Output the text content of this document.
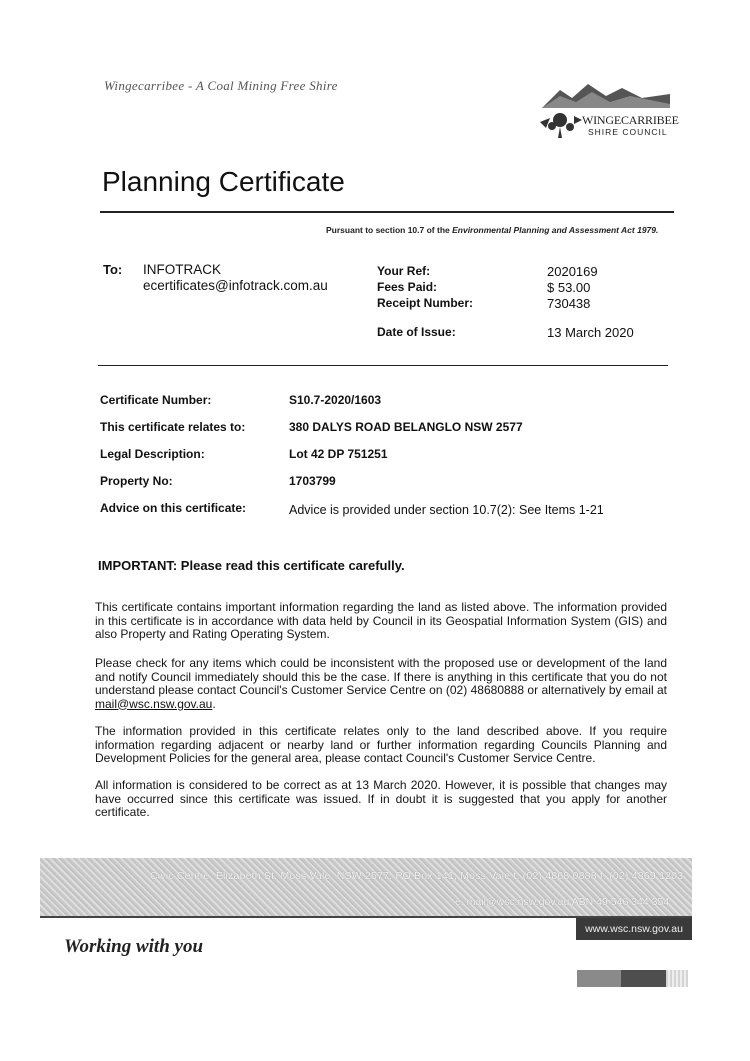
Wingecarribee - A Coal Mining Free Shire
WINGECARRIBEE
SHIRE COUNCIL
Planning Certificate
Pursuant to section 10.7 of the Environmental Planning and Assessment Act 1979.
To: INFOTRACK
ecertificates@infotrack.com.au
Your Ref:	2020169
Fees Paid:	$ 53.00
Receipt Number:	730438
Date of Issue:	13 March 2020
Certificate Number:	S10.7-2020/1603
This certificate relates to:	380 DALYS ROAD BELANGLO NSW 2577
Legal Description:	Lot 42 DP 751251
Property No:	1703799
Advice on this certificate:	Advice is provided under section 10.7(2): See Items 1-21
IMPORTANT: Please read this certificate carefully.
This certificate contains important information regarding the land as listed above. The information provided in this certificate is in accordance with data held by Council in its Geospatial Information System (GIS) and also Property and Rating Operating System.
Please check for any items which could be inconsistent with the proposed use or development of the land and notify Council immediately should this be the case. If there is anything in this certificate that you do not understand please contact Council's Customer Service Centre on (02) 48680888 or alternatively by email at mail@wsc.nsw.gov.au.
The information provided in this certificate relates only to the land described above. If you require information regarding adjacent or nearby land or further information regarding Councils Planning and Development Policies for the general area, please contact Council's Customer Service Centre.
All information is considered to be correct as at 13 March 2020. However, it is possible that changes may have occurred since this certificate was issued. If in doubt it is suggested that you apply for another certificate.
Civic Centre, Elizabeth St, Moss Vale, NSW 2577. PO Box 141, Moss Vale t. (02) 4868 0888 f. (02) 4869 1203
e. mail@wsc.nsw.gov.au ABN 49 546 344 354
www.wsc.nsw.gov.au
Working with you
